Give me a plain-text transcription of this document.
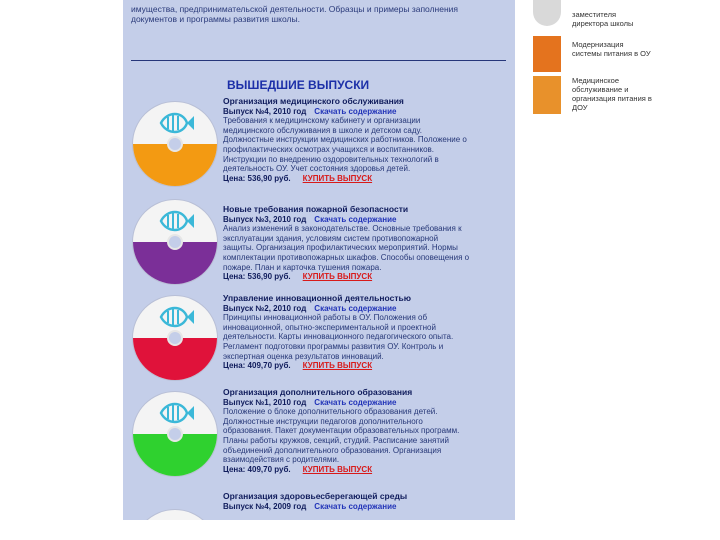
имущества, предпринимательской деятельности. Образцы и примеры заполнения
документов и программы развития школы.
ВЫШЕДШИЕ ВЫПУСКИ
Организация медицинского обслуживания
Выпуск №4, 2010 год Скачать содержание
Требования к медицинскому кабинету и организации медицинского обслуживания в школе и детском саду. Должностные инструкции медицинских работников. Положение о профилактических осмотрах учащихся и воспитанников. Инструкции по внедрению оздоровительных технологий в деятельность ОУ. Учет состояния здоровья детей.
Цена: 536,90 руб. КУПИТЬ ВЫПУСК
Новые требования пожарной безопасности
Выпуск №3, 2010 год Скачать содержание
Анализ изменений в законодательстве. Основные требования к эксплуатации здания, условиям систем противопожарной защиты. Организация профилактических мероприятий. Нормы комплектации противопожарных шкафов. Способы оповещения о пожаре. План и карточка тушения пожара.
Цена: 536,90 руб. КУПИТЬ ВЫПУСК
Управление инновационной деятельностью
Выпуск №2, 2010 год Скачать содержание
Принципы инновационной работы в ОУ. Положения об инновационной, опытно-экспериментальной и проектной деятельности. Карты инновационного педагогического опыта. Регламент подготовки программы развития ОУ. Контроль и экспертная оценка результатов инноваций.
Цена: 409,70 руб. КУПИТЬ ВЫПУСК
Организация дополнительного образования
Выпуск №1, 2010 год Скачать содержание
Положение о блоке дополнительного образования детей. Должностные инструкции педагогов дополнительного образования. Пакет документации образовательных программ. Планы работы кружков, секций, студий. Расписание занятий объединений дополнительного образования. Организация взаимодействия с родителями.
Цена: 409,70 руб. КУПИТЬ ВЫПУСК
Организация здоровьесберегающей среды
Выпуск №4, 2009 год Скачать содержание
заместителя директора школы
Модернизация системы питания в ОУ
Медицинское обслуживание и организация питания в ДОУ
